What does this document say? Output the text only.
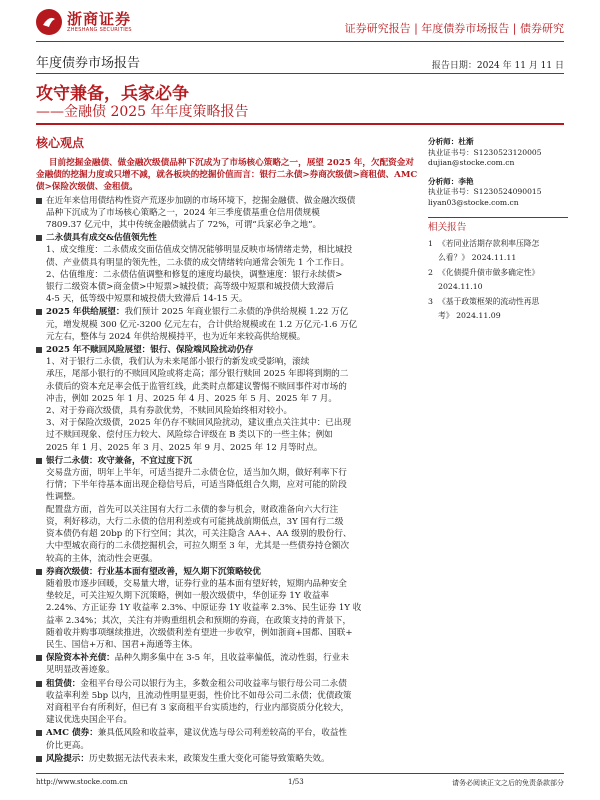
浙商证券
ZHESHANG SECURITIES	证券研究报告 | 年度债券市场报告 | 债券研究
年度债券市场报告	报告日期：2024 年 11 月 11 日
攻守兼备，兵家必争
——金融债 2025 年年度策略报告
核心观点
目前挖掘金融债、做金融次级债品种下沉成为了市场核心策略之一，展望 2025 年，欠配资金对金融债的挖掘力度或只增不减，就各板块的挖掘价值而言：银行二永债>券商次级债>商租债、AMC 债>保险次级债、金租债。
在近年来信用债结构性资产荒逐步加剧的市场环境下，挖掘金融债、做金融次级债
品种下沉成为了市场核心策略之一，2024 年三季度债基重仓信用债规模
7809.37 亿元中，其中传统金融债就占了 72%，可谓“兵家必争之地”。
二永债具有成交&估值领先性
1、成交维度：二永债成交面估值成交情况能够明显反映市场情绪走势，相比城投
债、产业债具有明显的领先性，二永债的成交情绪转向通常会领先 1 个工作日。
2、估值维度：二永债估值调整和修复的速度均最快，调整速度：银行永续债>
银行二级资本债>商金债>中短票>城投债；高等级中短票和城投债大致滞后
4-5 天，低等级中短票和城投债大致滞后 14-15 天。
2025 年供给展望：我们预计 2025 年商业银行二永债的净供给规模 1.22 万亿
元，增发规模 300 亿元-3200 亿元左右，合计供给规模或在 1.2 万亿元-1.6 万亿
元左右，整体与 2024 年供给规模持平，也为近年来较高供给规模。
2025 年不赎回风险展望：银行、保险端风险扰动仍存
1、对于银行二永债，我们认为未来尾部小银行的新发或受影响，滚续
承压，尾部小银行的不赎回风险或将走高；部分银行赎回 2025 年即将到期的二
永债后的资本充足率会低于监管红线，此类时点都建议警惕不赎回事件对市场的
冲击，例如 2025 年 1 月、2025 年 4 月、2025 年 5 月、2025 年 7 月。
2、对于券商次级债，具有券款优势，不赎回风险始终相对较小。
3、对于保险次级债，2025 年仍存不赎回风险扰动，建议重点关注其中：已出现
过不赎回现象、偿付压力较大、风险综合评级在 B 类以下的一些主体；例如
2025 年 1 月、2025 年 3 月、2025 年 9 月、2025 年 12 月等时点。
银行二永债：攻守兼备，不宜过度下沉
交易盘方面，明年上半年，可适当提升二永债仓位，适当加久期，做好利率下行
行情；下半年待基本面出现企稳信号后，可适当降低组合久期，应对可能的阶段
性调整。
配置盘方面，首先可以关注国有大行二永债的参与机会，财政准备向六大行注
资，利好移动，大行二永债的信用利差或有可能挑战前期低点，3Y 国有行二级
资本债仍有超 20bp 的下行空间；其次，可关注隐含 AA+、AA 级别的股份行、
大中型城农商行的二永债挖掘机会，可拉久期至 3 年，尤其是一些债券持仓额次
较高的主体，流动性会更强。
券商次级债：行业基本面有望改善，短久期下沉策略较优
随着股市逐步回暖，交易量大增，证券行业的基本面有望好转，短期内品种安全
垫较足，可关注短久期下沉策略，例如一般次级债中，华创证券 1Y 收益率
2.24%、方正证券 1Y 收益率 2.3%、中原证券 1Y 收益率 2.3%、民生证券 1Y 收
益率 2.34%；其次，关注有并购重组机会和预期的券商，在政策支持的背景下，
随着收并购事项继续推进，次级债利差有望进一步收窄，例如浙商+国都、国联+
民生、国信+万和、国君+海通等主体。
保险资本补充债：品种久期多集中在 3-5 年，且收益率偏低，流动性弱，行业未
见明显改善迹象。
租赁债：金租平台母公司以银行为主，多数金租公司收益率与银行母公司二永债
收益率利差 5bp 以内，且流动性明显更弱，性价比不如母公司二永债；优债政策
对商租平台有所利好，但已有 3 家商租平台实质违约，行业内部资质分化较大，
建议优选央国企平台。
AMC 债券：兼具低风险和收益率，建议优选与母公司利差较高的平台，收益性
价比更高。
风险提示：历史数据无法代表未来，政策发生重大变化可能导致策略失效。
分析师：杜渐
执业证书号：S1230523120005
dujian@stocke.com.cn
分析师：李艳
执业证书号：S1230524090015
liyan03@stocke.com.cn
相关报告
1 《若同业活期存款利率压降怎
么看？》 2024.11.11
2 《化债提升债市做多确定性》
2024.11.10
3 《基于政策框架的流动性再思
考》 2024.11.09
http://www.stocke.com.cn	1/53	请务必阅读正文之后的免责条款部分
